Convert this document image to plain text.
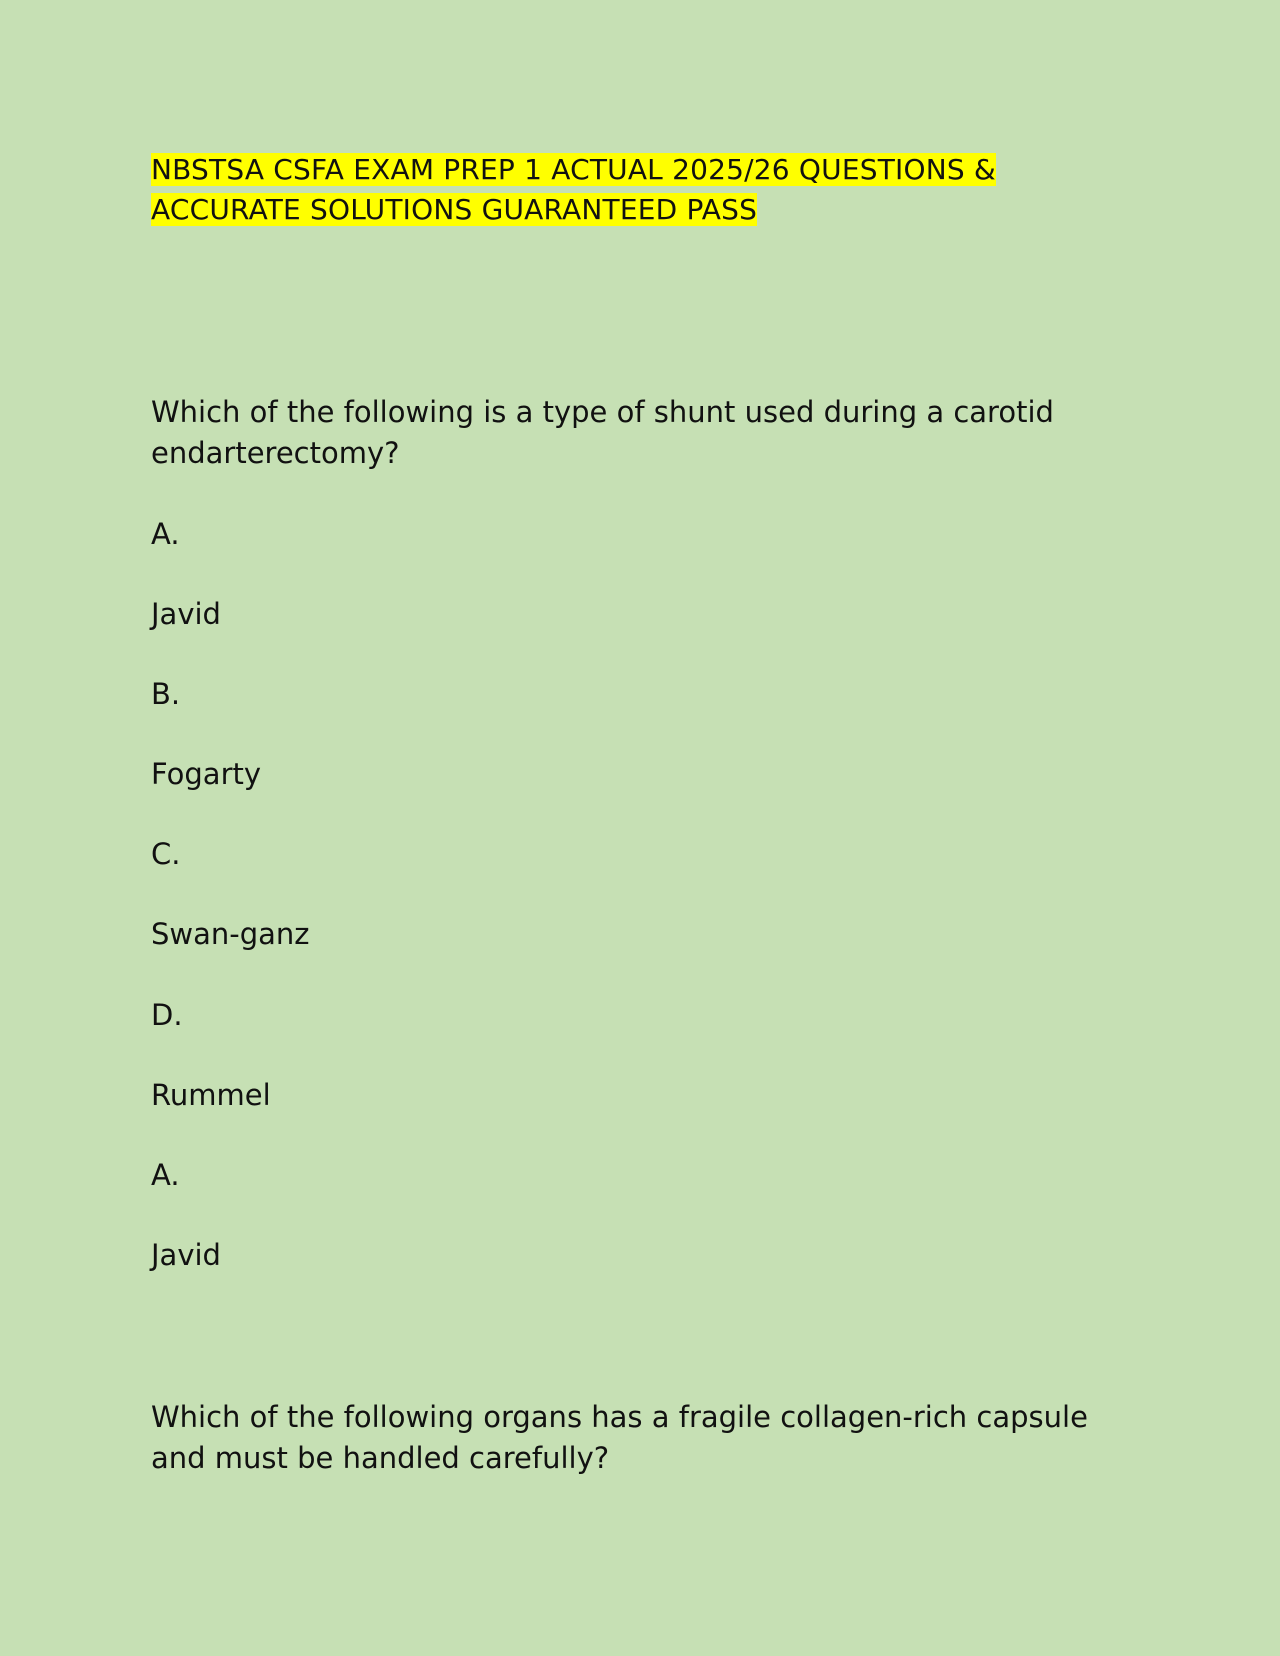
NBSTSA CSFA EXAM PREP 1 ACTUAL 2025/26 QUESTIONS & ACCURATE SOLUTIONS GUARANTEED PASS

Which of the following is a type of shunt used during a carotid endarterectomy?

A.

Javid

B.

Fogarty

C.

Swan-ganz

D.

Rummel

A.

Javid

Which of the following organs has a fragile collagen-rich capsule and must be handled carefully?
